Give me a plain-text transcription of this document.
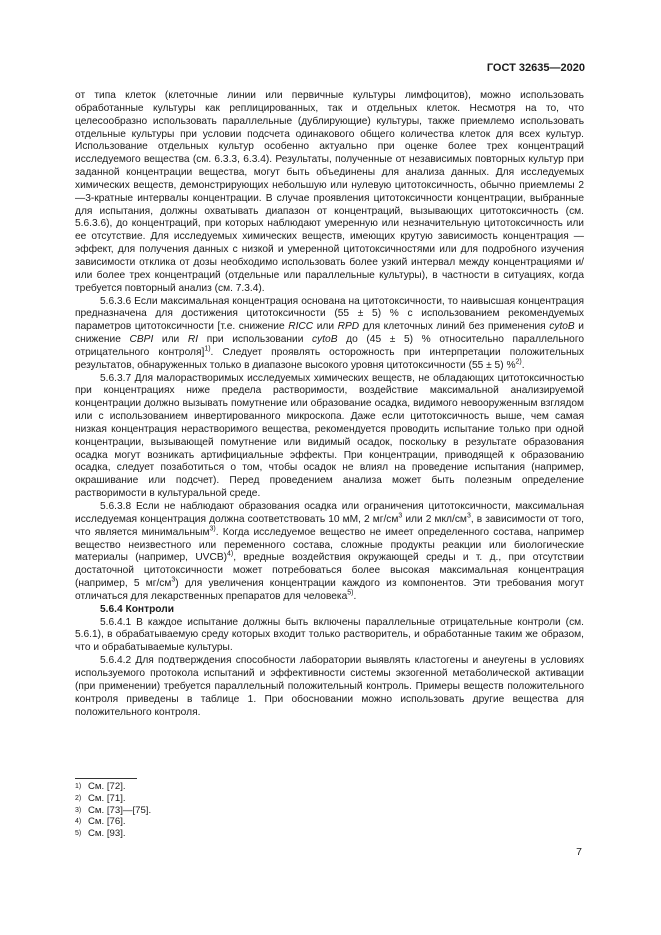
ГОСТ 32635—2020

от типа клеток (клеточные линии или первичные культуры лимфоцитов), можно использовать обработанные культуры как реплицированных, так и отдельных клеток. Несмотря на то, что целесообразно использовать параллельные (дублирующие) культуры, также приемлемо использовать отдельные культуры при условии подсчета одинакового общего количества клеток для всех культур. Использование отдельных культур особенно актуально при оценке более трех концентраций исследуемого вещества (см. 6.3.3, 6.3.4). Результаты, полученные от независимых повторных культур при заданной концентрации вещества, могут быть объединены для анализа данных. Для исследуемых химических веществ, демонстрирующих небольшую или нулевую цитотоксичность, обычно приемлемы 2—3-кратные интервалы концентрации. В случае проявления цитотоксичности концентрации, выбранные для испытания, должны охватывать диапазон от концентраций, вызывающих цитотоксичность (см. 5.6.3.6), до концентраций, при которых наблюдают умеренную или незначительную цитотоксичность или ее отсутствие. Для исследуемых химических веществ, имеющих крутую зависимость концентрация — эффект, для получения данных с низкой и умеренной цитотоксичностями или для подробного изучения зависимости отклика от дозы необходимо использовать более узкий интервал между концентрациями и/или более трех концентраций (отдельные или параллельные культуры), в частности в ситуациях, когда требуется повторный анализ (см. 7.3.4).

5.6.3.6 Если максимальная концентрация основана на цитотоксичности, то наивысшая концентрация предназначена для достижения цитотоксичности (55 ± 5) % с использованием рекомендуемых параметров цитотоксичности [т.е. снижение RICC или RPD для клеточных линий без применения cytoB и снижение CBPI или RI при использовании cytoB до (45 ± 5) % относительно параллельного отрицательного контроля]$^{1)}$. Следует проявлять осторожность при интерпретации положительных результатов, обнаруженных только в диапазоне высокого уровня цитотоксичности (55 ± 5) %$^{2)}$.

5.6.3.7 Для малорастворимых исследуемых химических веществ, не обладающих цитотоксичностью при концентрациях ниже предела растворимости, воздействие максимальной анализируемой концентрации должно вызывать помутнение или образование осадка, видимого невооруженным взглядом или с использованием инвертированного микроскопа. Даже если цитотоксичность выше, чем самая низкая концентрация нерастворимого вещества, рекомендуется проводить испытание только при одной концентрации, вызывающей помутнение или видимый осадок, поскольку в результате образования осадка могут возникать артифициальные эффекты. При концентрации, приводящей к образованию осадка, следует позаботиться о том, чтобы осадок не влиял на проведение испытания (например, окрашивание или подсчет). Перед проведением анализа может быть полезным определение растворимости в культуральной среде.

5.6.3.8 Если не наблюдают образования осадка или ограничения цитотоксичности, максимальная исследуемая концентрация должна соответствовать 10 мМ, 2 $мг/см^3$ или 2 мкл/$см^3$, в зависимости от того, что является минимальным$^{3)}$. Когда исследуемое вещество не имеет определенного состава, например вещество неизвестного или переменного состава, сложные продукты реакции или биологические материалы (например, UVCB)$^{4)}$, вредные воздействия окружающей среды и т. д., при отсутствии достаточной цитотоксичности может потребоваться более высокая максимальная концентрация (например, 5 $мг/см^3$) для увеличения концентрации каждого из компонентов. Эти требования могут отличаться для лекарственных препаратов для человека$^{5)}$.

5.6.4 Контроли

5.6.4.1 В каждое испытание должны быть включены параллельные отрицательные контроли (см. 5.6.1), в обрабатываемую среду которых входит только растворитель, и обработанные таким же образом, что и обрабатываемые культуры.

5.6.4.2 Для подтверждения способности лаборатории выявлять кластогены и анеугены в условиях используемого протокола испытаний и эффективности системы экзогенной метаболической активации (при применении) требуется параллельный положительный контроль. Примеры веществ положительного контроля приведены в таблице 1. При обосновании можно использовать другие вещества для положительного контроля.

1) См. [72].
2) См. [71].
3) См. [73]—[75].
4) См. [76].
5) См. [93].
7
